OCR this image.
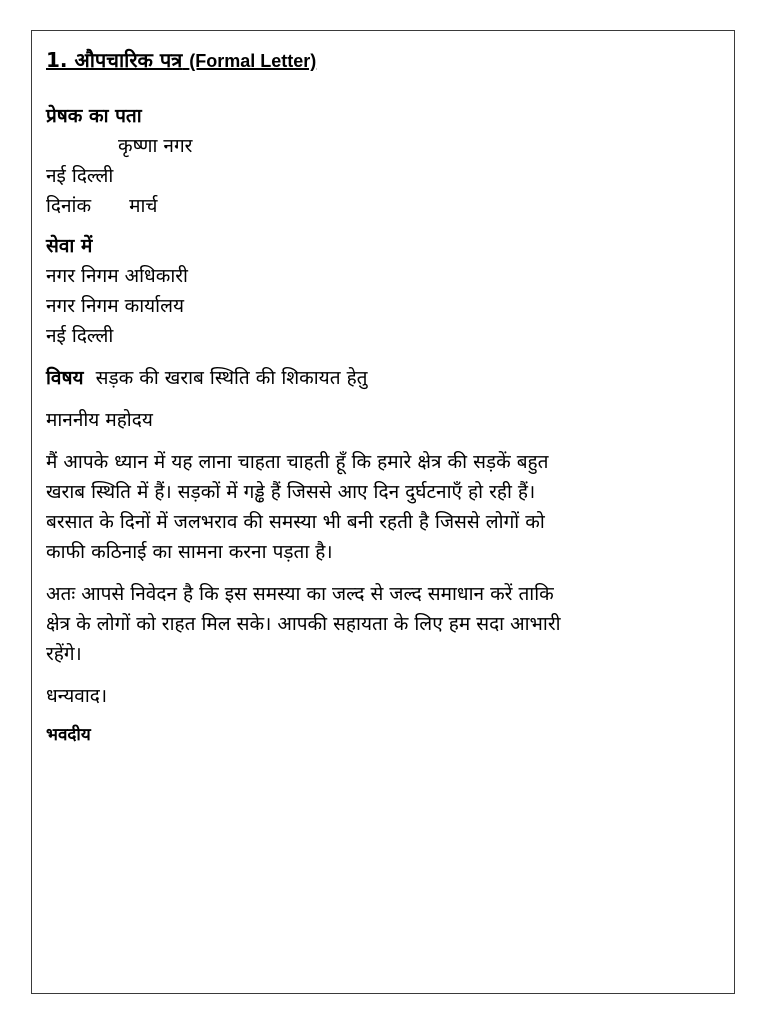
1. औपचारिक पत्र (Formal Letter)
प्रेषक का पता
कृष्णा नगर
नई दिल्ली
दिनांक मार्च
सेवा में
नगर निगम अधिकारी
नगर निगम कार्यालय
नई दिल्ली
विषय सड़क की खराब स्थिति की शिकायत हेतु
माननीय महोदय
मैं आपके ध्यान में यह लाना चाहता चाहती हूँ कि हमारे क्षेत्र की सड़कें बहुत
खराब स्थिति में हैं। सड़कों में गड्ढे हैं जिससे आए दिन दुर्घटनाएँ हो रही हैं।
बरसात के दिनों में जलभराव की समस्या भी बनी रहती है जिससे लोगों को
काफी कठिनाई का सामना करना पड़ता है।
अतः आपसे निवेदन है कि इस समस्या का जल्द से जल्द समाधान करें ताकि
क्षेत्र के लोगों को राहत मिल सके। आपकी सहायता के लिए हम सदा आभारी
रहेंगे।
धन्यवाद।
भवदीय
